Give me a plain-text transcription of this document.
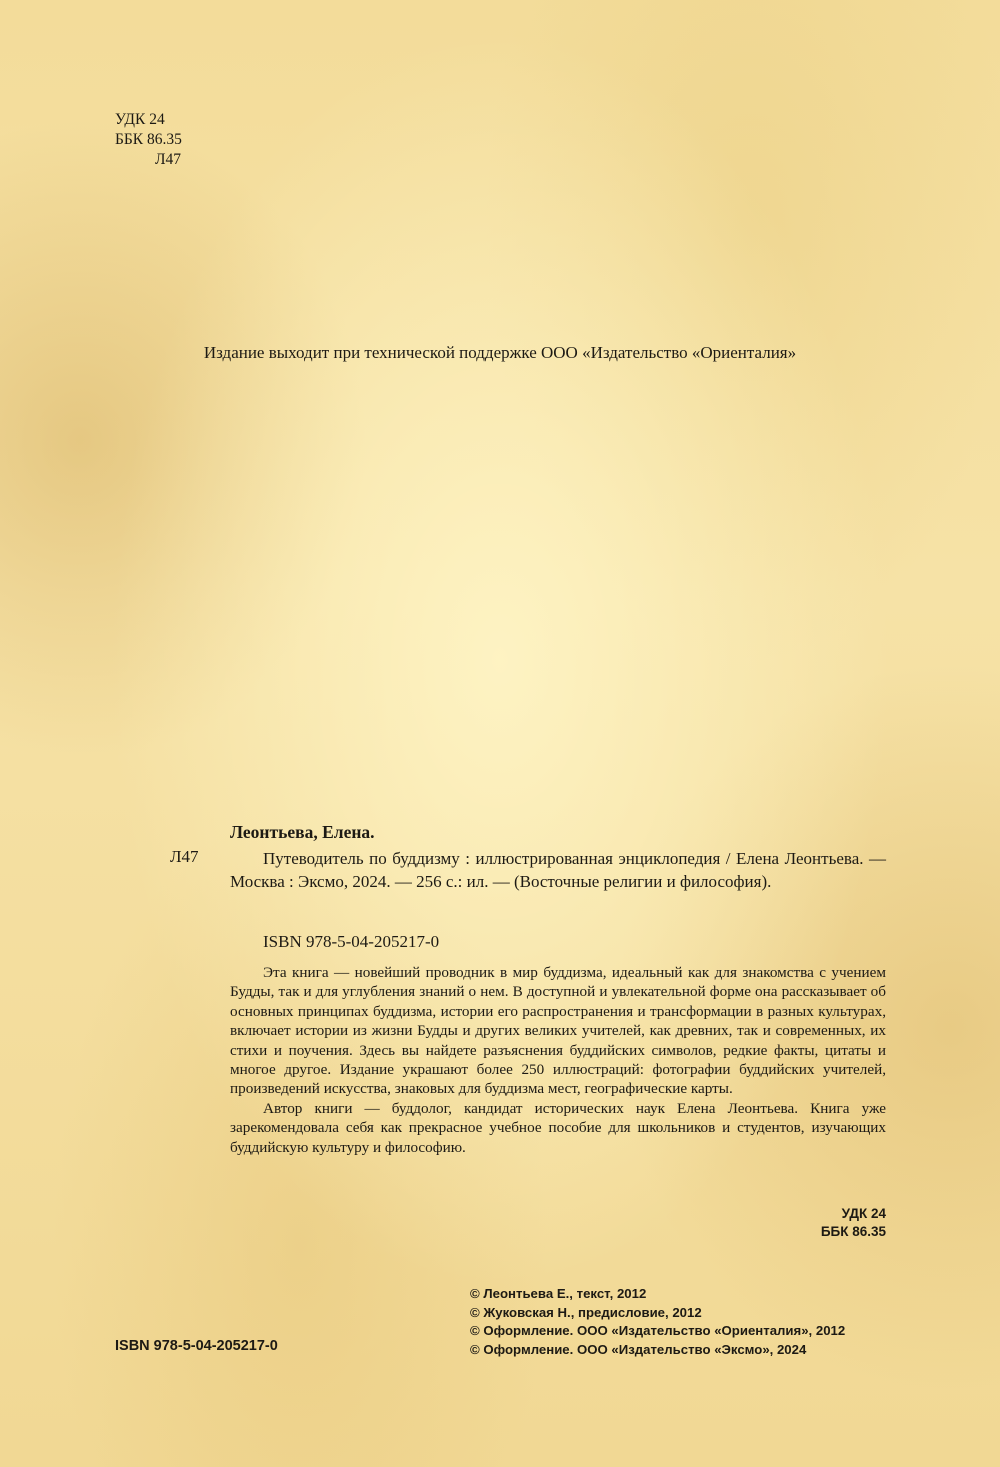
УДК 24
ББК 86.35
Л47
Издание выходит при технической поддержке ООО «Издательство «Ориенталия»
Леонтьева, Елена.
Л47	Путеводитель по буддизму : иллюстрированная энциклопедия / Елена Леонтьева. — Москва : Эксмо, 2024. — 256 с.: ил. — (Восточные религии и философия).
ISBN 978-5-04-205217-0

Эта книга — новейший проводник в мир буддизма, идеальный как для знакомства с учением Будды, так и для углубления знаний о нем. В доступной и увлекательной форме она рассказывает об основных принципах буддизма, истории его распространения и трансформации в разных культурах, включает истории из жизни Будды и других великих учителей, как древних, так и современных, их стихи и поучения. Здесь вы найдете разъяснения буддийских символов, редкие факты, цитаты и многое другое. Издание украшают более 250 иллюстраций: фотографии буддийских учителей, произведений искусства, знаковых для буддизма мест, географические карты.

Автор книги — буддолог, кандидат исторических наук Елена Леонтьева. Книга уже зарекомендовала себя как прекрасное учебное пособие для школьников и студентов, изучающих буддийскую культуру и философию.

УДК 24
ББК 86.35
© Леонтьева Е., текст, 2012
© Жуковская Н., предисловие, 2012
© Оформление. ООО «Издательство «Ориенталия», 2012
© Оформление. ООО «Издательство «Эксмо», 2024
ISBN 978-5-04-205217-0
